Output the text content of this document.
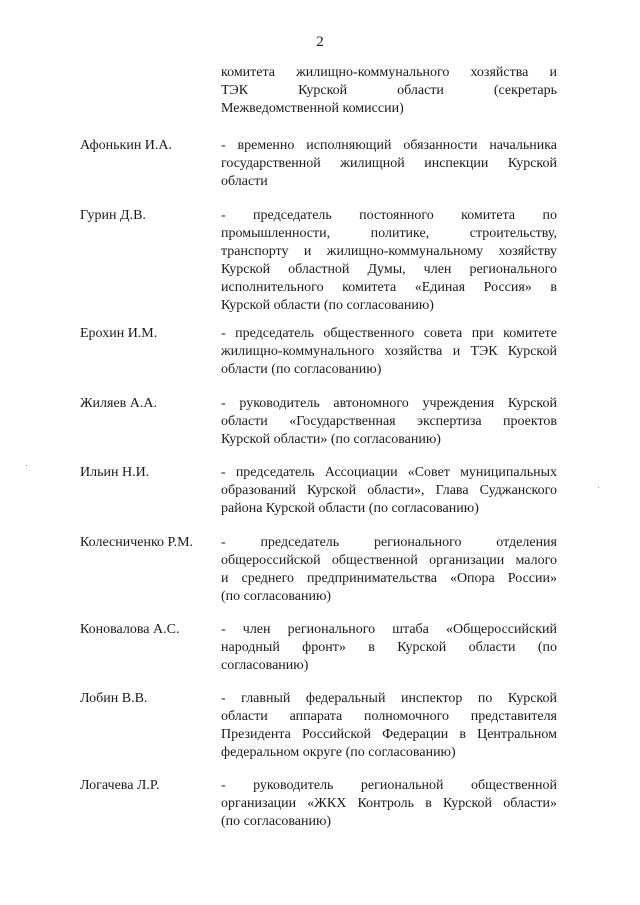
2
комитета жилищно-коммунального хозяйства и
ТЭК Курской области (секретарь
Межведомственной комиссии)
Афонькин И.А.	- временно исполняющий обязанности начальника
государственной жилищной инспекции Курской
области
Гурин Д.В.	- председатель постоянного комитета по
промышленности, политике, строительству,
транспорту и жилищно-коммунальному хозяйству
Курской областной Думы, член регионального
исполнительного комитета «Единая Россия» в
Курской области (по согласованию)
Ерохин И.М.	- председатель общественного совета при комитете
жилищно-коммунального хозяйства и ТЭК Курской
области (по согласованию)
Жиляев А.А.	- руководитель автономного учреждения Курской
области «Государственная экспертиза проектов
Курской области» (по согласованию)
Ильин Н.И.	- председатель Ассоциации «Совет муниципальных
образований Курской области», Глава Суджанского
района Курской области (по согласованию)
Колесниченко Р.М. - председатель регионального отделения
общероссийской общественной организации малого
и среднего предпринимательства «Опора России»
(по согласованию)
Коновалова А.С.	- член регионального штаба «Общероссийский
народный фронт» в Курской области (по
согласованию)
Лобин В.В.	- главный федеральный инспектор по Курской
области аппарата полномочного представителя
Президента Российской Федерации в Центральном
федеральном округе (по согласованию)
Логачева Л.Р.	- руководитель региональной общественной
организации «ЖКХ Контроль в Курской области»
(по согласованию)
